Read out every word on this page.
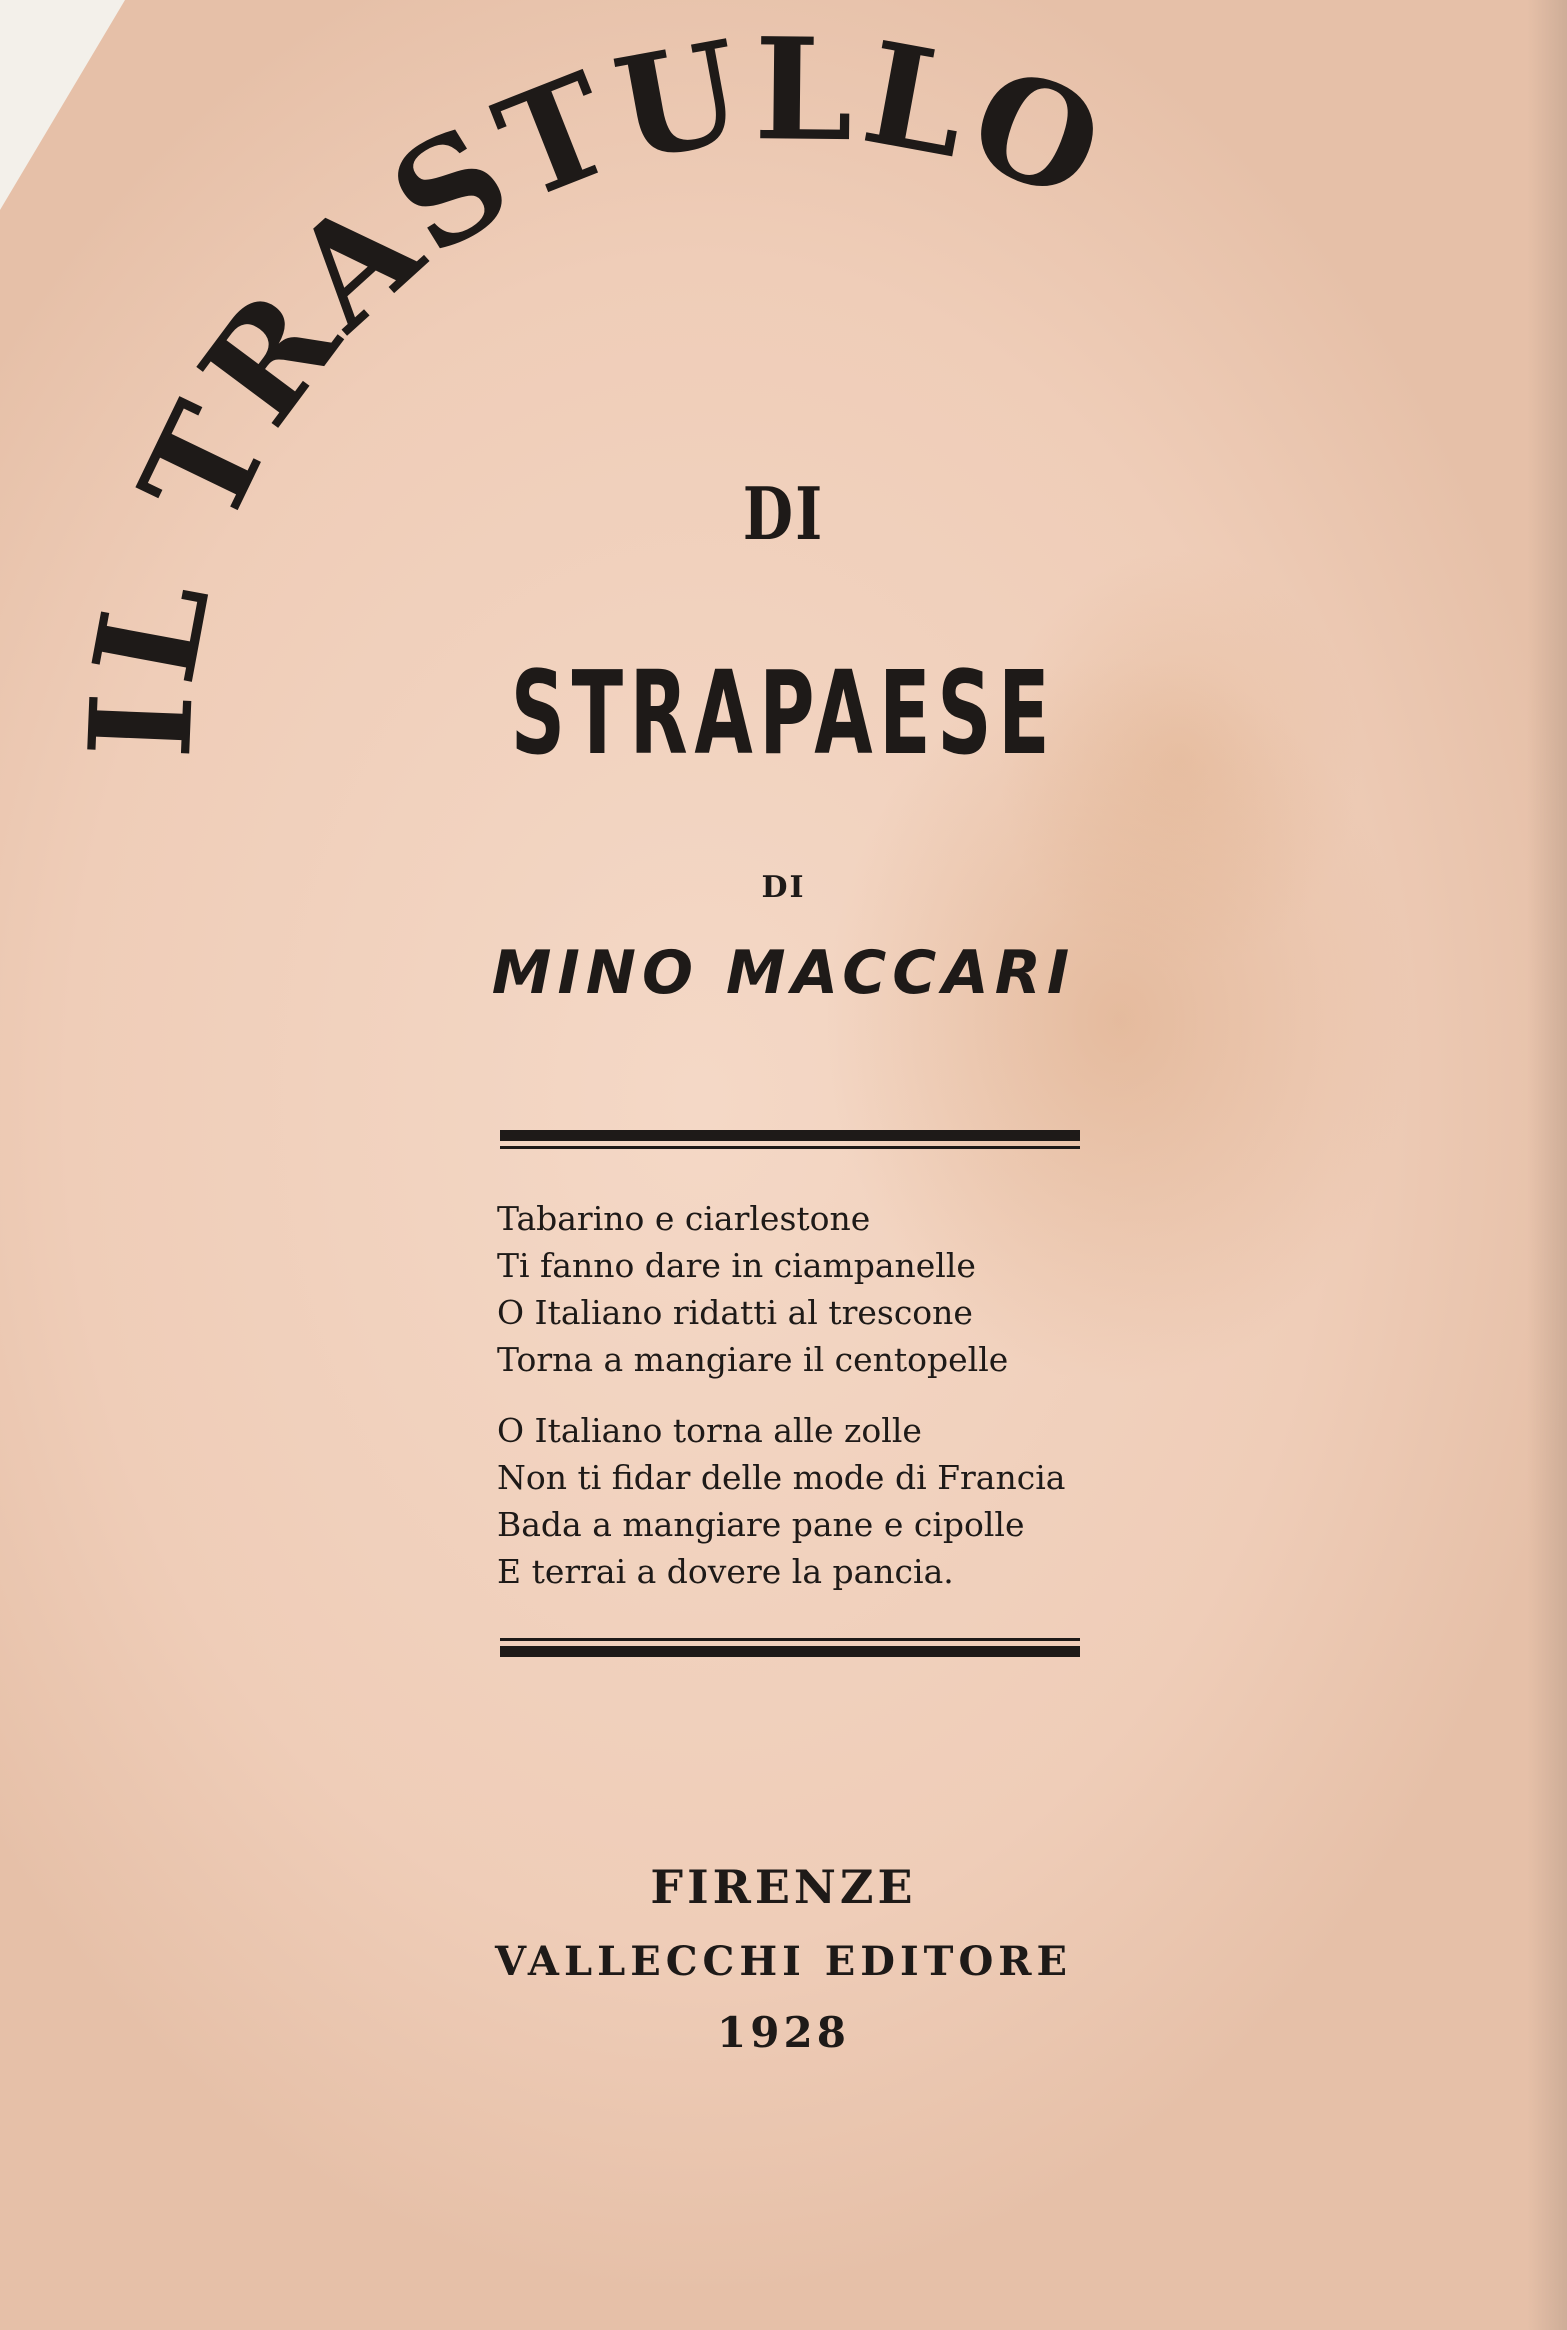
IL TRASTULLO
DI
STRAPAESE
DI
MINO MACCARI
Tabarino e ciarlestone
Ti fanno dare in ciampanelle
O Italiano ridatti al trescone
Torna a mangiare il centopelle
O Italiano torna alle zolle
Non ti fidar delle mode di Francia
Bada a mangiare pane e cipolle
E terrai a dovere la pancia.
FIRENZE
VALLECCHI EDITORE
1928
